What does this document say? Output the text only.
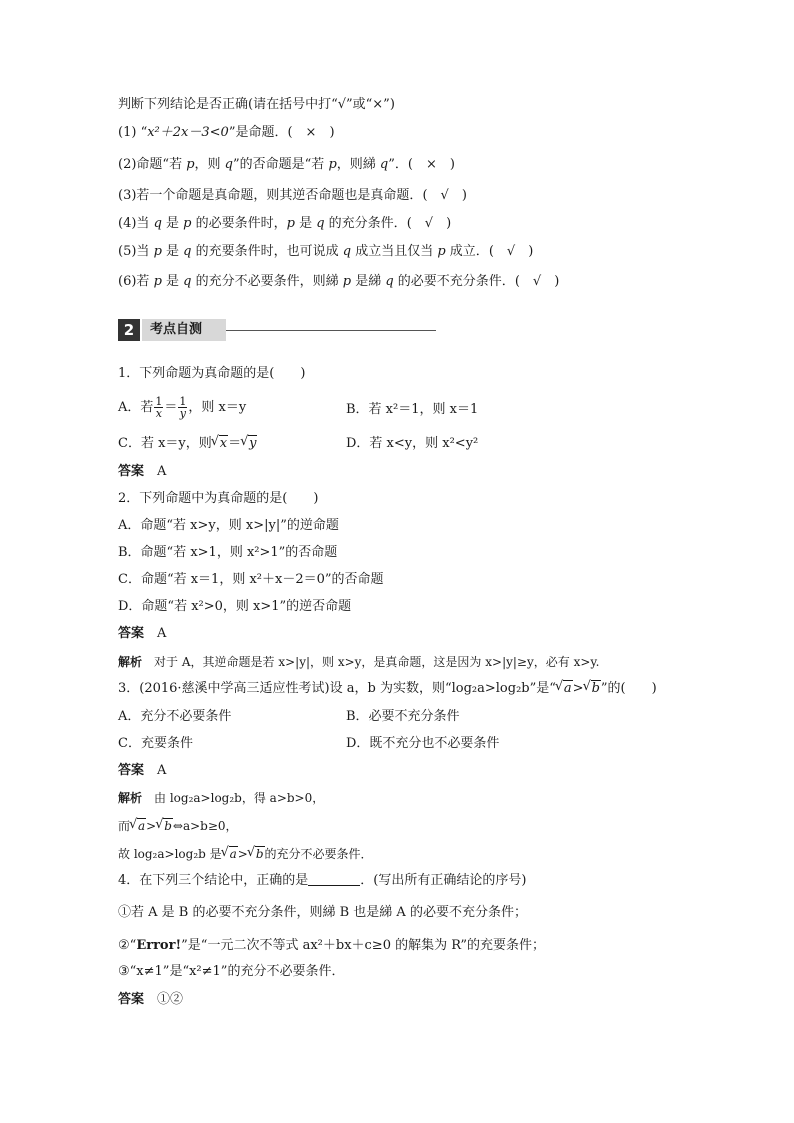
判断下列结论是否正确(请在括号中打“√”或“×”)
(1) “x²＋2x－3<0”是命题．(　×　)
(2)命题“若 p，则 q”的否命题是“若 p，则綈 q”．(　×　)
(3)若一个命题是真命题，则其逆否命题也是真命题．(　√　)
(4)当 q 是 p 的必要条件时，p 是 q 的充分条件．(　√　)
(5)当 p 是 q 的充要条件时，也可说成 q 成立当且仅当 p 成立．(　√　)
(6)若 p 是 q 的充分不必要条件，则綈 p 是綈 q 的必要不充分条件．(　√　)
2	考点自测
1．下列命题为真命题的是(　　)
A．若 $\frac{1}{x} = \frac{1}{y}$ ，则 x＝y	B．若 x²＝1，则 x＝1
C．若 x＝y，则 √ x＝ √ y	D．若 x<y，则 x²<y²
答案　 A
2．下列命题中为真命题的是(　　)
A．命题“若 x>y，则 x>|y|”的逆命题
B．命题“若 x>1，则 x²>1”的否命题
C．命题“若 x＝1，则 x²＋x－2＝0”的否命题
D．命题“若 x²>0，则 x>1”的逆否命题
答案　 A
解析　 对于 A，其逆命题是若 x>|y|，则 x>y，是真命题，这是因为 x>|y|≥y，必有 x>y.
3．(2016·慈溪中学高三适应性考试)设 a，b 为实数，则“log₂a>log₂b”是“ √ a> √ b”的(　　)
A．充分不必要条件	B．必要不充分条件
C．充要条件	D．既不充分也不必要条件
答案　 A
解析　 由 log₂a>log₂b，得 a>b>0，
而 √ a> √ b⇔a>b≥0，
故 log₂a>log₂b 是 √ a> √ b的充分不必要条件．
4．在下列三个结论中，正确的是	．(写出所有正确结论的序号)
①若 A 是 B 的必要不充分条件，则綈 B 也是綈 A 的必要不充分条件；
②“Error!”是“一元二次不等式 ax²＋bx＋c≥0 的解集为 R”的充要条件；
③“x≠1”是“x²≠1”的充分不必要条件．
答案　 ①②
